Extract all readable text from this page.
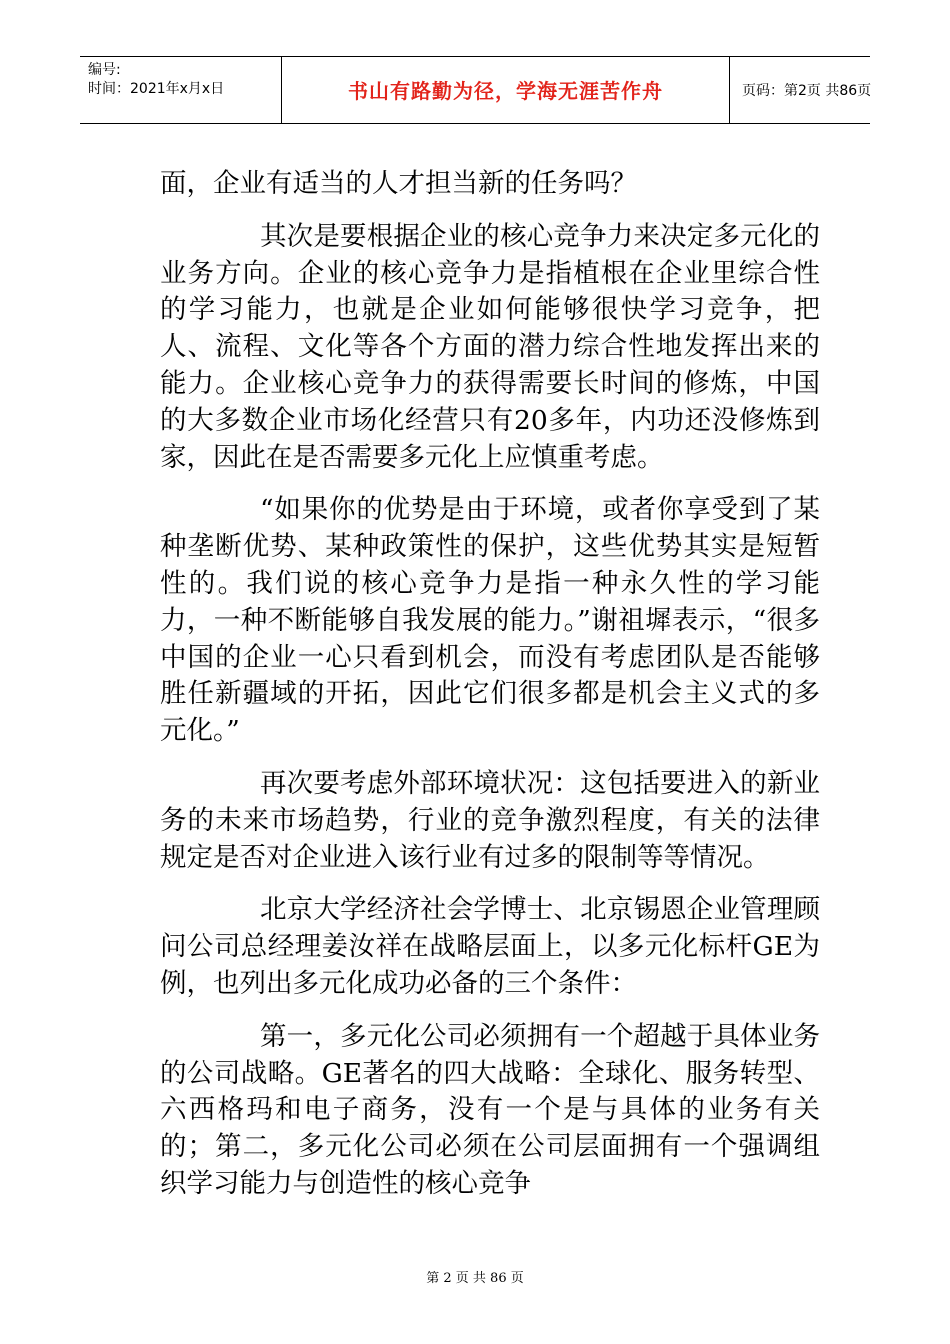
编号:
时间：2021年x月x日	书山有路勤为径，学海无涯苦作舟	页码：第2页 共86页

面，企业有适当的人才担当新的任务吗？

其次是要根据企业的核心竞争力来决定多元化的业务方向。企业的核心竞争力是指植根在企业里综合性的学习能力，也就是企业如何能够很快学习竞争，把人、流程、文化等各个方面的潜力综合性地发挥出来的能力。企业核心竞争力的获得需要长时间的修炼，中国的大多数企业市场化经营只有20多年，内功还没修炼到家，因此在是否需要多元化上应慎重考虑。

“如果你的优势是由于环境，或者你享受到了某种垄断优势、某种政策性的保护，这些优势其实是短暂性的。我们说的核心竞争力是指一种永久性的学习能力，一种不断能够自我发展的能力。”谢祖墀表示，“很多中国的企业一心只看到机会，而没有考虑团队是否能够胜任新疆域的开拓，因此它们很多都是机会主义式的多元化。”

再次要考虑外部环境状况：这包括要进入的新业务的未来市场趋势，行业的竞争激烈程度，有关的法律规定是否对企业进入该行业有过多的限制等等情况。

北京大学经济社会学博士、北京锡恩企业管理顾问公司总经理姜汝祥在战略层面上，以多元化标杆GE为例，也列出多元化成功必备的三个条件：

第一，多元化公司必须拥有一个超越于具体业务的公司战略。GE著名的四大战略：全球化、服务转型、六西格玛和电子商务，没有一个是与具体的业务有关的；第二，多元化公司必须在公司层面拥有一个强调组织学习能力与创造性的核心竞争

第 2 页 共 86 页
